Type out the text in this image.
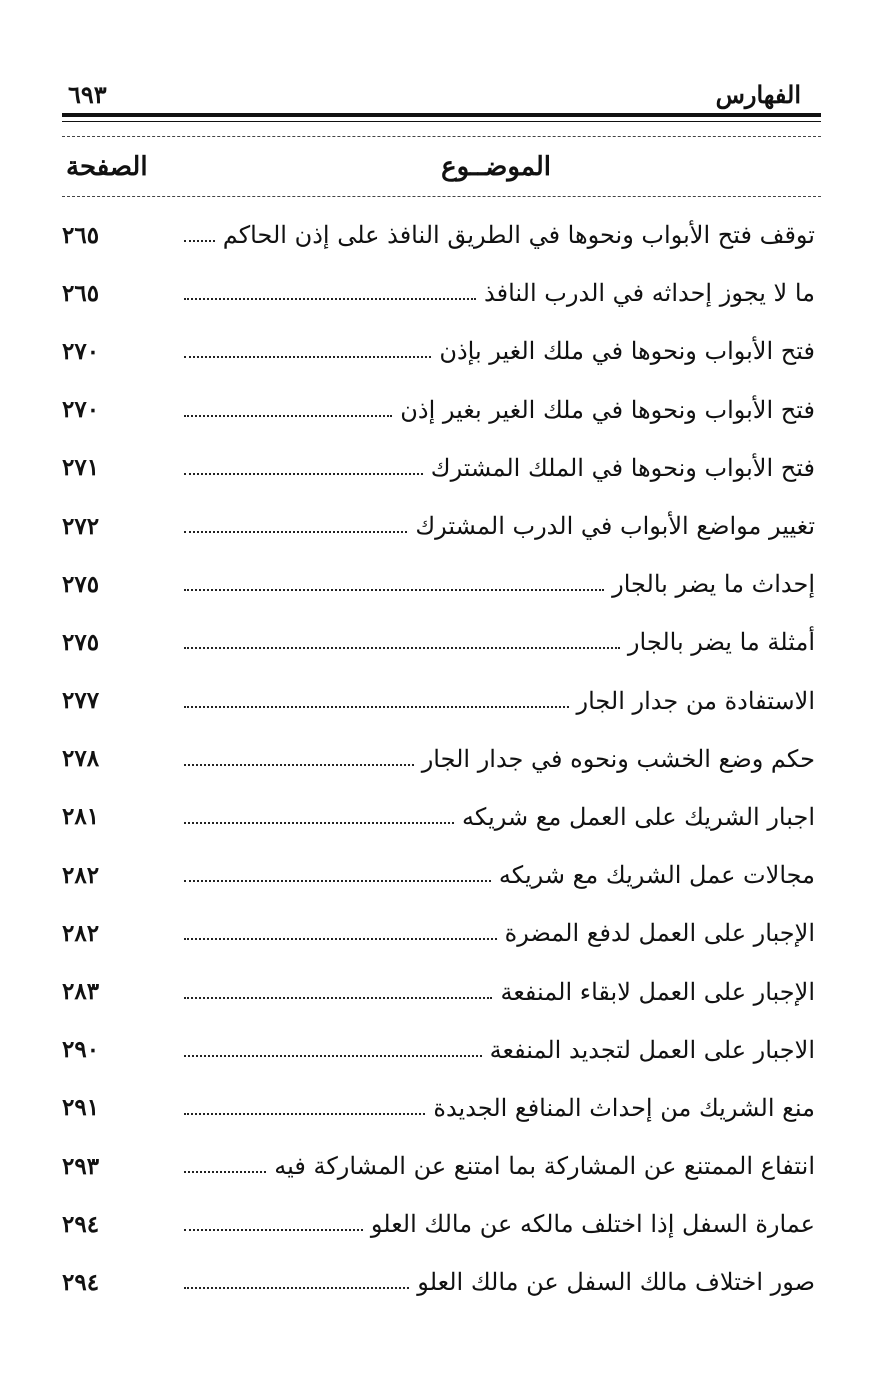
الفهارس
٦٩٣
الموضــوع
الصفحة
توقف فتح الأبواب ونحوها في الطريق النافذ على إذن الحاكم
٢٦٥
ما لا يجوز إحداثه في الدرب النافذ
٢٦٥
فتح الأبواب ونحوها في ملك الغير بإذن
٢٧٠
فتح الأبواب ونحوها في ملك الغير بغير إذن
٢٧٠
فتح الأبواب ونحوها في الملك المشترك
٢٧١
تغيير مواضع الأبواب في الدرب المشترك
٢٧٢
إحداث ما يضر بالجار
٢٧٥
أمثلة ما يضر بالجار
٢٧٥
الاستفادة من جدار الجار
٢٧٧
حكم وضع الخشب ونحوه في جدار الجار
٢٧٨
اجبار الشريك على العمل مع شريكه
٢٨١
مجالات عمل الشريك مع شريكه
٢٨٢
الإجبار على العمل لدفع المضرة
٢٨٢
الإجبار على العمل لابقاء المنفعة
٢٨٣
الاجبار على العمل لتجديد المنفعة
٢٩٠
منع الشريك من إحداث المنافع الجديدة
٢٩١
انتفاع الممتنع عن المشاركة بما امتنع عن المشاركة فيه
٢٩٣
عمارة السفل إذا اختلف مالكه عن مالك العلو
٢٩٤
صور اختلاف مالك السفل عن مالك العلو
٢٩٤
